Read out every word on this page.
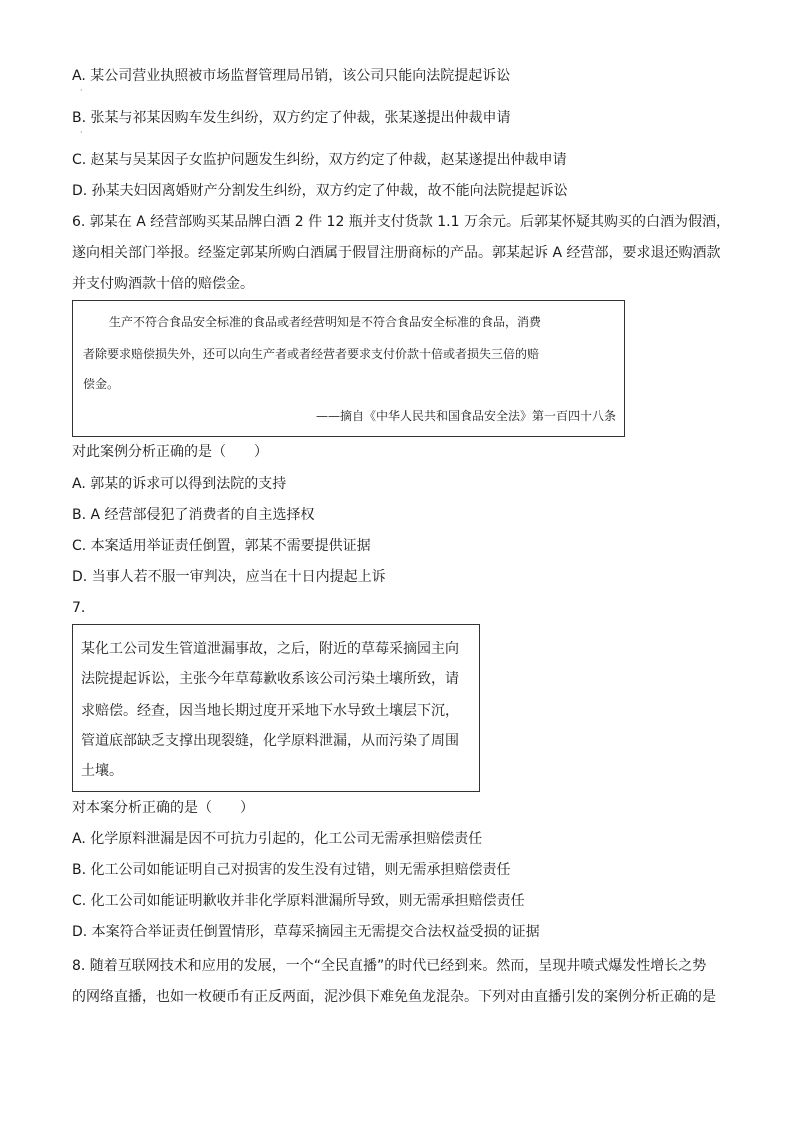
A. 某公司营业执照被市场监督管理局吊销，该公司只能向法院提起诉讼
·
B. 张某与祁某因购车发生纠纷，双方约定了仲裁，张某遂提出仲裁申请
·
C. 赵某与吴某因子女监护问题发生纠纷，双方约定了仲裁，赵某遂提出仲裁申请
D. 孙某夫妇因离婚财产分割发生纠纷，双方约定了仲裁，故不能向法院提起诉讼
6. 郭某在 A 经营部购买某品牌白酒 2 件 12 瓶并支付货款 1.1 万余元。后郭某怀疑其购买的白酒为假酒，
遂向相关部门举报。经鉴定郭某所购白酒属于假冒注册商标的产品。郭某起诉 A 经营部，要求退还购酒款
并支付购酒款十倍的赔偿金。
生产不符合食品安全标准的食品或者经营明知是不符合食品安全标准的食品，消费
者除要求赔偿损失外，还可以向生产者或者经营者要求支付价款十倍或者损失三倍的赔
偿金。
——摘自《中华人民共和国食品安全法》第一百四十八条
对此案例分析正确的是（　　）
A. 郭某的诉求可以得到法院的支持
B. A 经营部侵犯了消费者的自主选择权
C. 本案适用举证责任倒置，郭某不需要提供证据
D. 当事人若不服一审判决，应当在十日内提起上诉
7.
某化工公司发生管道泄漏事故，之后，附近的草莓采摘园主向
法院提起诉讼，主张今年草莓歉收系该公司污染土壤所致，请
求赔偿。经查，因当地长期过度开采地下水导致土壤层下沉，
管道底部缺乏支撑出现裂缝，化学原料泄漏，从而污染了周围
土壤。
对本案分析正确的是（　　）
A. 化学原料泄漏是因不可抗力引起的，化工公司无需承担赔偿责任
B. 化工公司如能证明自己对损害的发生没有过错，则无需承担赔偿责任
C. 化工公司如能证明歉收并非化学原料泄漏所导致，则无需承担赔偿责任
D. 本案符合举证责任倒置情形，草莓采摘园主无需提交合法权益受损的证据
8. 随着互联网技术和应用的发展，一个“全民直播”的时代已经到来。然而，呈现井喷式爆发性增长之势
的网络直播，也如一枚硬币有正反两面，泥沙俱下难免鱼龙混杂。下列对由直播引发的案例分析正确的是
